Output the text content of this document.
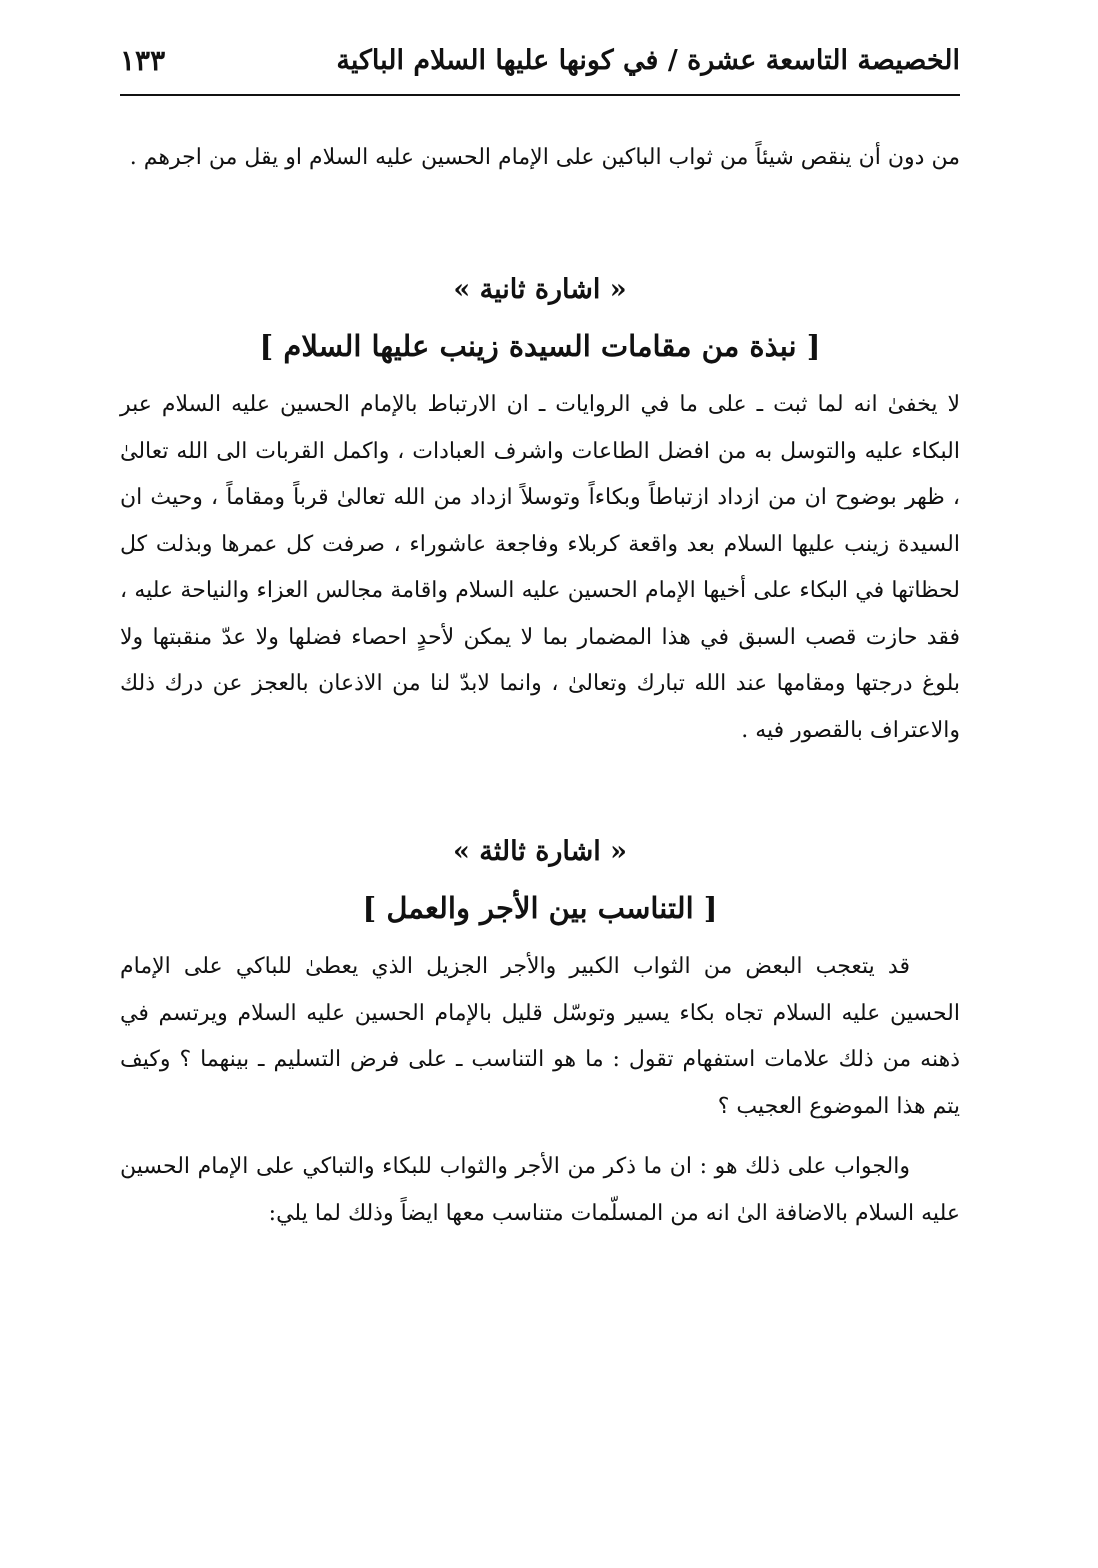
الخصيصة التاسعة عشرة / في كونها عليها السلام الباكية
١٣٣

من دون أن ينقص شيئاً من ثواب الباكين على الإمام الحسين عليه السلام او يقل من اجرهم .

« اشارة ثانية »
[ نبذة من مقامات السيدة زينب عليها السلام ]

لا يخفىٰ انه لما ثبت ـ على ما في الروايات ـ ان الارتباط بالإمام الحسين عليه السلام عبر البكاء عليه والتوسل به من افضل الطاعات واشرف العبادات ، واكمل القربات الى الله تعالىٰ ، ظهر بوضوح ان من ازداد ازتباطاً وبكاءاً وتوسلاً ازداد من الله تعالىٰ قرباً ومقاماً ، وحيث ان السيدة زينب عليها السلام بعد واقعة كربلاء وفاجعة عاشوراء ، صرفت كل عمرها وبذلت كل لحظاتها في البكاء على أخيها الإمام الحسين عليه السلام واقامة مجالس العزاء والنياحة عليه ، فقد حازت قصب السبق في هذا المضمار بما لا يمكن لأحدٍ احصاء فضلها ولا عدّ منقبتها ولا بلوغ درجتها ومقامها عند الله تبارك وتعالىٰ ، وانما لابدّ لنا من الاذعان بالعجز عن درك ذلك والاعتراف بالقصور فيه .

« اشارة ثالثة »
[ التناسب بين الأجر والعمل ]

قد يتعجب البعض من الثواب الكبير والأجر الجزيل الذي يعطىٰ للباكي على الإمام الحسين عليه السلام تجاه بكاء يسير وتوسّل قليل بالإمام الحسين عليه السلام ويرتسم في ذهنه من ذلك علامات استفهام تقول : ما هو التناسب ـ على فرض التسليم ـ بينهما ؟ وكيف يتم هذا الموضوع العجيب ؟

والجواب على ذلك هو : ان ما ذكر من الأجر والثواب للبكاء والتباكي على الإمام الحسين عليه السلام بالاضافة الىٰ انه من المسلّمات متناسب معها ايضاً وذلك لما يلي:
